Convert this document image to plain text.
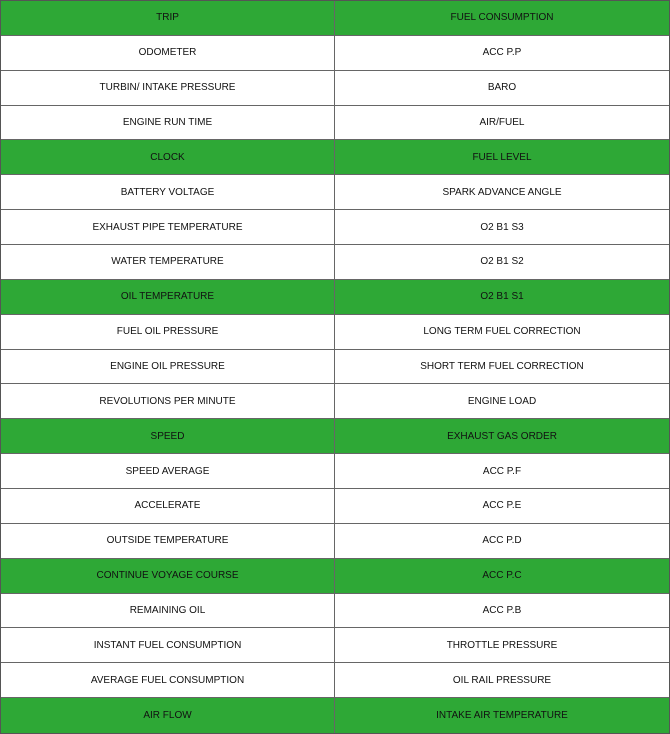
TRIP	FUEL CONSUMPTION
ODOMETER	ACC P.P
TURBIN/ INTAKE PRESSURE	BARO
ENGINE RUN TIME	AIR/FUEL
CLOCK	FUEL LEVEL
BATTERY VOLTAGE	SPARK ADVANCE ANGLE
EXHAUST PIPE TEMPERATURE	O2 B1 S3
WATER TEMPERATURE	O2 B1 S2
OIL TEMPERATURE	O2 B1 S1
FUEL OIL PRESSURE	LONG TERM FUEL CORRECTION
ENGINE OIL PRESSURE	SHORT TERM FUEL CORRECTION
REVOLUTIONS PER MINUTE	ENGINE LOAD
SPEED	EXHAUST GAS ORDER
SPEED AVERAGE	ACC P.F
ACCELERATE	ACC P.E
OUTSIDE TEMPERATURE	ACC P.D
CONTINUE VOYAGE COURSE	ACC P.C
REMAINING OIL	ACC P.B
INSTANT FUEL CONSUMPTION	THROTTLE PRESSURE
AVERAGE FUEL CONSUMPTION	OIL RAIL PRESSURE
AIR FLOW	INTAKE AIR TEMPERATURE
